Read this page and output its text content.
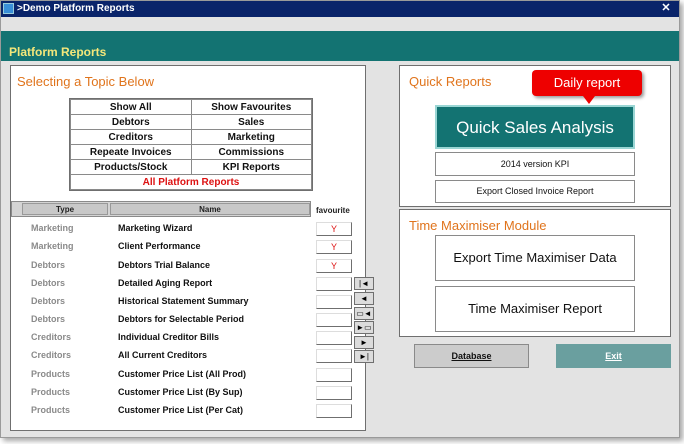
>Demo Platform Reports	✕
Platform Reports
Selecting a Topic Below
Show All	Show Favourites
Debtors	Sales
Creditors	Marketing
Repeate Invoices	Commissions
Products/Stock	KPI Reports
All Platform Reports	
Type	Name	favourite
Marketing	Marketing Wizard	Y
Marketing	Client Performance	Y
Debtors	Debtors Trial Balance	Y
Debtors	Detailed Aging Report
Debtors	Historical Statement Summary
Debtors	Debtors for Selectable Period
Creditors	Individual Creditor Bills
Creditors	All Current Creditors
Products	Customer Price List (All Prod)
Products	Customer Price List (By Sup)
Products	Customer Price List (Per Cat)
|◄
◄
▭◄
►▭
►
►|
Quick Reports
Quick Sales Analysis
2014 version KPI
Export Closed Invoice Report
Daily report
Time Maximiser Module
Export Time Maximiser Data
Time Maximiser Report
Database	Exit
